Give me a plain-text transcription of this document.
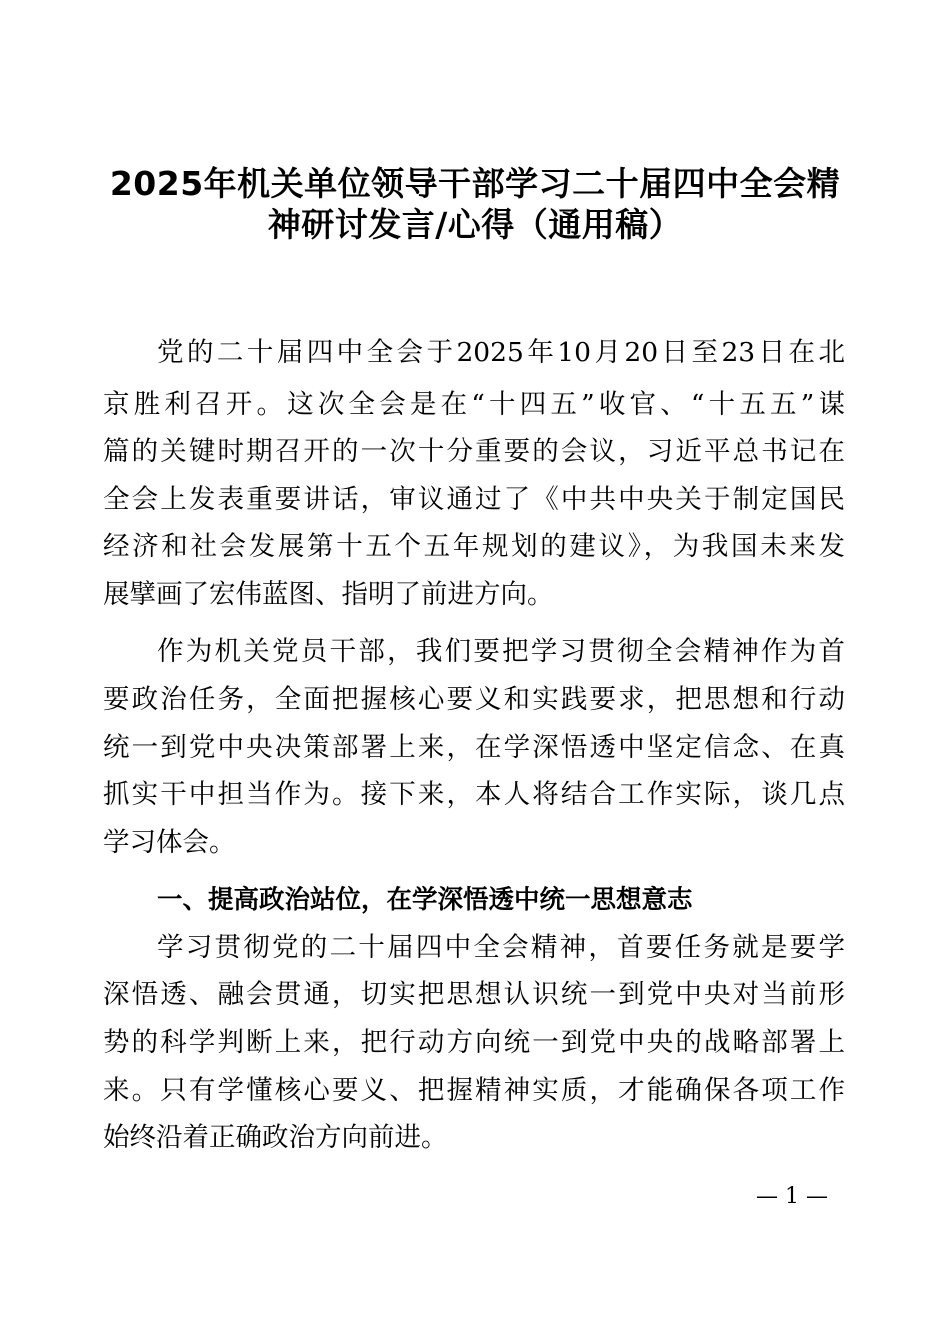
2025年机关单位领导干部学习二十届四中全会精
神研讨发言/心得（通用稿）
党的二十届四中全会于2025年10月20日至23日在北
京胜利召开。这次全会是在“十四五”收官、“十五五”谋
篇的关键时期召开的一次十分重要的会议，习近平总书记在
全会上发表重要讲话，审议通过了《中共中央关于制定国民
经济和社会发展第十五个五年规划的建议》，为我国未来发
展擘画了宏伟蓝图、指明了前进方向。
作为机关党员干部，我们要把学习贯彻全会精神作为首
要政治任务，全面把握核心要义和实践要求，把思想和行动
统一到党中央决策部署上来，在学深悟透中坚定信念、在真
抓实干中担当作为。接下来，本人将结合工作实际，谈几点
学习体会。
一、提高政治站位，在学深悟透中统一思想意志
学习贯彻党的二十届四中全会精神，首要任务就是要学
深悟透、融会贯通，切实把思想认识统一到党中央对当前形
势的科学判断上来，把行动方向统一到党中央的战略部署上
来。只有学懂核心要义、把握精神实质，才能确保各项工作
始终沿着正确政治方向前进。
— 1 —
